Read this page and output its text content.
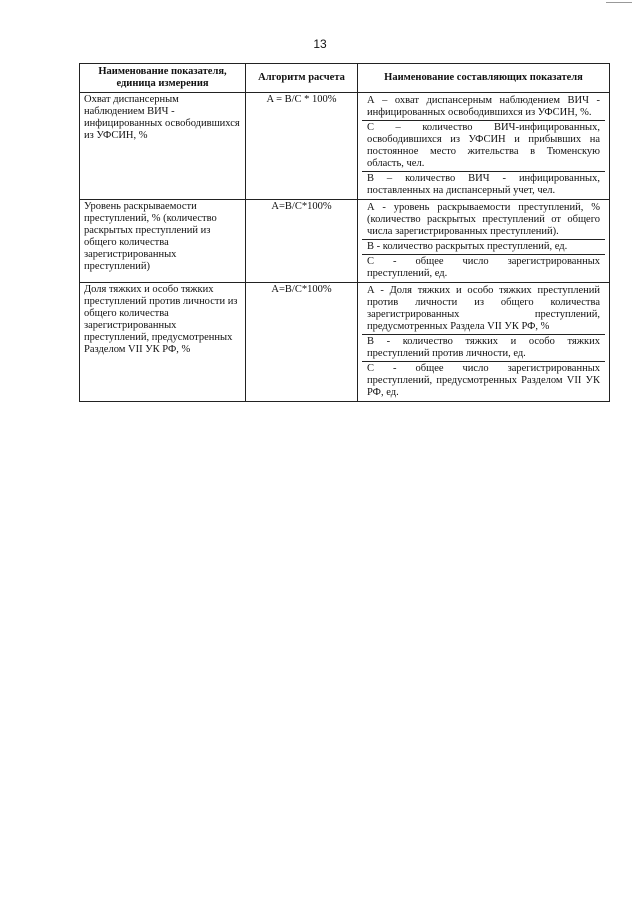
13
Наименование показателя, единица измерения	Алгоритм расчета	Наименование составляющих показателя
Охват диспансерным наблюдением ВИЧ - инфицированных освободившихся из УФСИН, %	A = B/C * 100%	А – охват диспансерным наблюдением ВИЧ - инфицированных освободившихся из УФСИН, %.
С – количество ВИЧ-инфицированных, освободившихся из УФСИН и прибывших на постоянное место жительства в Тюменскую область, чел.
В – количество ВИЧ - инфицированных, поставленных на диспансерный учет, чел.

Уровень раскрываемости преступлений, % (количество раскрытых преступлений из общего количества зарегистрированных преступлений)	A=B/C*100%	А - уровень раскрываемости преступлений, % (количество раскрытых преступлений от общего числа зарегистрированных преступлений).
В - количество раскрытых преступлений, ед.
С - общее число зарегистрированных преступлений, ед.

Доля тяжких и особо тяжких преступлений против личности из общего количества зарегистрированных преступлений, предусмотренных Разделом VII УК РФ, %	A=B/C*100%	А - Доля тяжких и особо тяжких преступлений против личности из общего количества зарегистрированных преступлений, предусмотренных Раздела VII УК РФ, %
В - количество тяжких и особо тяжких преступлений против личности, ед.
С - общее число зарегистрированных преступлений, предусмотренных Разделом VII УК РФ, ед.
